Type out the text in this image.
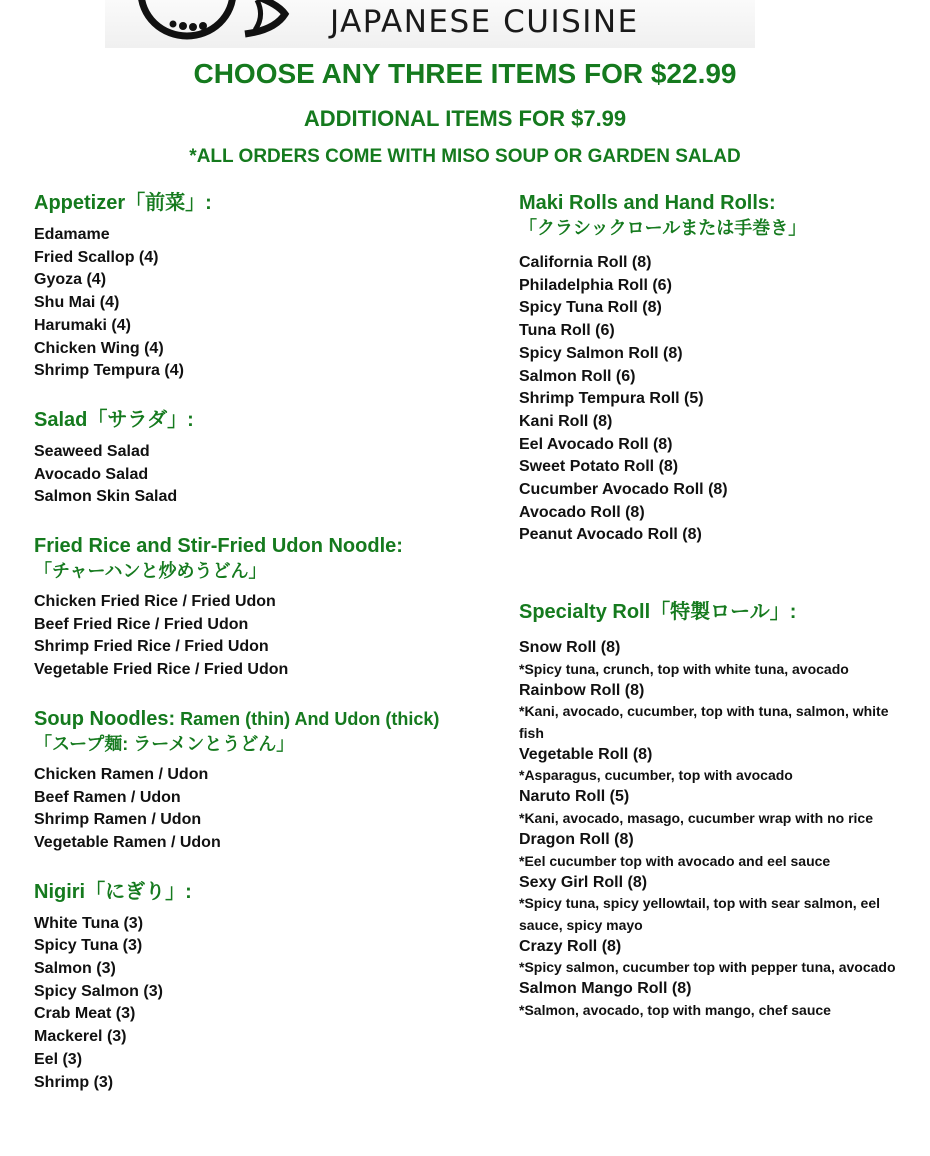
JAPANESE CUISINE
CHOOSE ANY THREE ITEMS FOR $22.99
ADDITIONAL ITEMS FOR $7.99
*ALL ORDERS COME WITH MISO SOUP OR GARDEN SALAD
Appetizer「前菜」:
Edamame
Fried Scallop (4)
Gyoza (4)
Shu Mai (4)
Harumaki (4)
Chicken Wing (4)
Shrimp Tempura (4)
Salad「サラダ」:
Seaweed Salad
Avocado Salad
Salmon Skin Salad
Fried Rice and Stir-Fried Udon Noodle:
「チャーハンと炒めうどん」
Chicken Fried Rice / Fried Udon
Beef Fried Rice / Fried Udon
Shrimp Fried Rice / Fried Udon
Vegetable Fried Rice / Fried Udon
Soup Noodles: Ramen (thin) And Udon (thick)
「スープ麺: ラーメンとうどん」
Chicken Ramen / Udon
Beef Ramen / Udon
Shrimp Ramen / Udon
Vegetable Ramen / Udon
Nigiri「にぎり」:
White Tuna (3)
Spicy Tuna (3)
Salmon (3)
Spicy Salmon (3)
Crab Meat (3)
Mackerel (3)
Eel (3)
Shrimp (3)
Maki Rolls and Hand Rolls:
「クラシックロールまたは手巻き」
California Roll (8)
Philadelphia Roll (6)
Spicy Tuna Roll (8)
Tuna Roll (6)
Spicy Salmon Roll (8)
Salmon Roll (6)
Shrimp Tempura Roll (5)
Kani Roll (8)
Eel Avocado Roll (8)
Sweet Potato Roll (8)
Cucumber Avocado Roll (8)
Avocado Roll (8)
Peanut Avocado Roll (8)
Specialty Roll「特製ロール」:
Snow Roll (8)
*Spicy tuna, crunch, top with white tuna, avocado
Rainbow Roll (8)
*Kani, avocado, cucumber, top with tuna, salmon, white fish
Vegetable Roll (8)
*Asparagus, cucumber, top with avocado
Naruto Roll (5)
*Kani, avocado, masago, cucumber wrap with no rice
Dragon Roll (8)
*Eel cucumber top with avocado and eel sauce
Sexy Girl Roll (8)
*Spicy tuna, spicy yellowtail, top with sear salmon, eel sauce, spicy mayo
Crazy Roll (8)
*Spicy salmon, cucumber top with pepper tuna, avocado
Salmon Mango Roll (8)
*Salmon, avocado, top with mango, chef sauce
